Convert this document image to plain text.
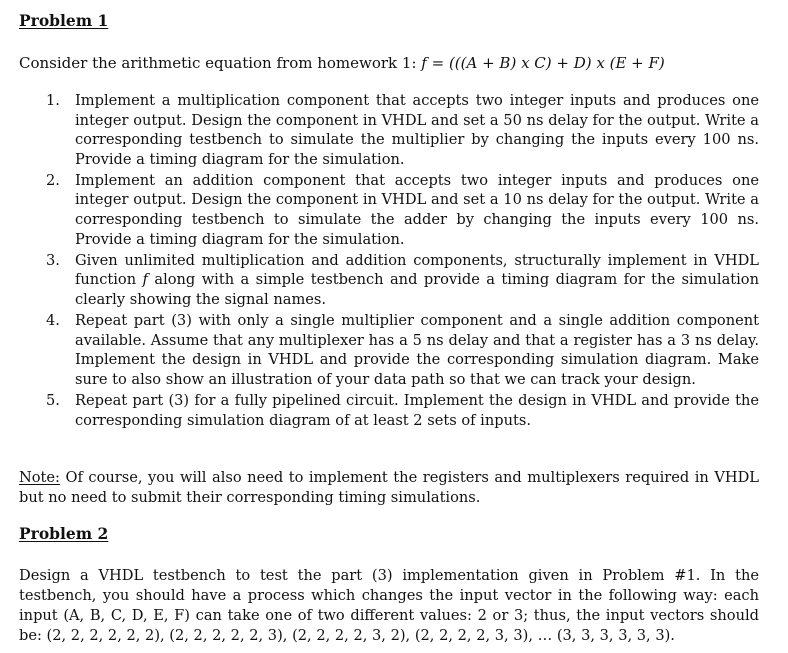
Problem 1

Consider the arithmetic equation from homework 1: f = (((A + B) x C) + D) x (E + F)

1. Implement a multiplication component that accepts two integer inputs and produces one integer output. Design the component in VHDL and set a 50 ns delay for the output. Write a corresponding testbench to simulate the multiplier by changing the inputs every 100 ns. Provide a timing diagram for the simulation.
2. Implement an addition component that accepts two integer inputs and produces one integer output. Design the component in VHDL and set a 10 ns delay for the output. Write a corresponding testbench to simulate the adder by changing the inputs every 100 ns. Provide a timing diagram for the simulation.
3. Given unlimited multiplication and addition components, structurally implement in VHDL function f along with a simple testbench and provide a timing diagram for the simulation clearly showing the signal names.
4. Repeat part (3) with only a single multiplier component and a single addition component available. Assume that any multiplexer has a 5 ns delay and that a register has a 3 ns delay. Implement the design in VHDL and provide the corresponding simulation diagram. Make sure to also show an illustration of your data path so that we can track your design.
5. Repeat part (3) for a fully pipelined circuit. Implement the design in VHDL and provide the corresponding simulation diagram of at least 2 sets of inputs.

Note: Of course, you will also need to implement the registers and multiplexers required in VHDL but no need to submit their corresponding timing simulations.

Problem 2

Design a VHDL testbench to test the part (3) implementation given in Problem #1. In the testbench, you should have a process which changes the input vector in the following way: each input (A, B, C, D, E, F) can take one of two different values: 2 or 3; thus, the input vectors should be: (2, 2, 2, 2, 2, 2), (2, 2, 2, 2, 2, 3), (2, 2, 2, 2, 3, 2), (2, 2, 2, 2, 3, 3), … (3, 3, 3, 3, 3, 3).
